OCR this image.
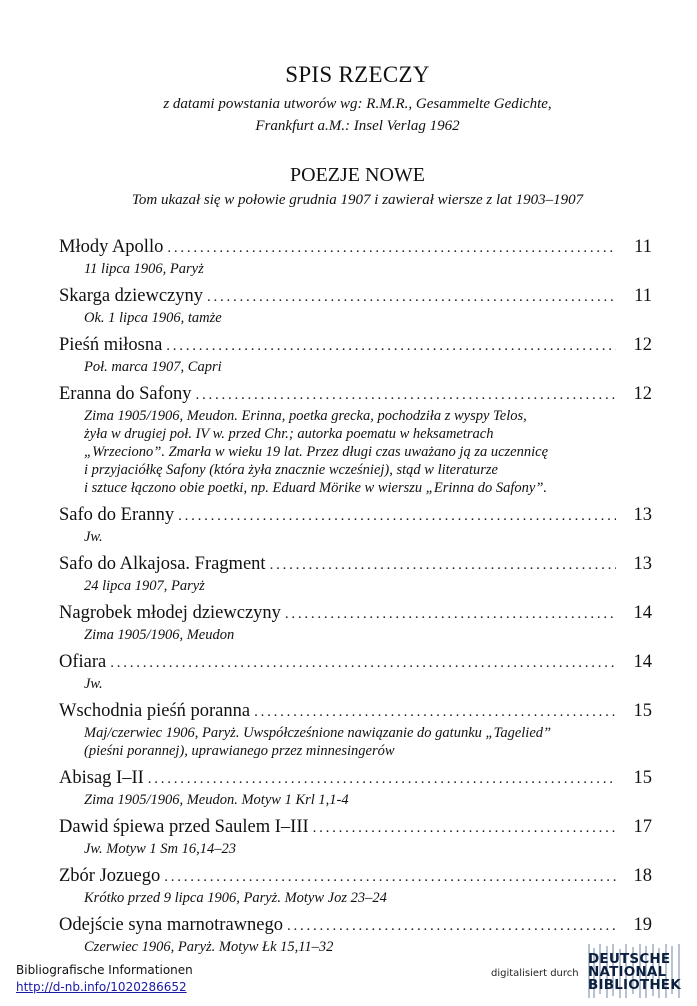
SPIS RZECZY
z datami powstania utworów wg: R.M.R., Gesammelte Gedichte,
Frankfurt a.M.: Insel Verlag 1962
POEZJE NOWE
Tom ukazał się w połowie grudnia 1907 i zawierał wiersze z lat 1903–1907
Młody Apollo . . .	11
11 lipca 1906, Paryż
Skarga dziewczyny . . .	11
Ok. 1 lipca 1906, tamże
Pieśń miłosna . . .	12
Poł. marca 1907, Capri
Eranna do Safony . . .	12
Zima 1905/1906, Meudon. Erinna, poetka grecka, pochodziła z wyspy Telos,
żyła w drugiej poł. IV w. przed Chr.; autorka poematu w heksametrach
„Wrzeciono”. Zmarła w wieku 19 lat. Przez długi czas uważano ją za uczennicę
i przyjaciółkę Safony (która żyła znacznie wcześniej), stąd w literaturze
i sztuce łączono obie poetki, np. Eduard Mörike w wierszu „Erinna do Safony”.
Safo do Eranny . . .	13
Jw.
Safo do Alkajosa. Fragment . . .	13
24 lipca 1907, Paryż
Nagrobek młodej dziewczyny . . .	14
Zima 1905/1906, Meudon
Ofiara . . .	14
Jw.
Wschodnia pieśń poranna . . .	15
Maj/czerwiec 1906, Paryż. Uwspółcześnione nawiązanie do gatunku „Tagelied”
(pieśni porannej), uprawianego przez minnesingerów
Abisag I–II . . .	15
Zima 1905/1906, Meudon. Motyw 1 Krl 1,1-4
Dawid śpiewa przed Saulem I–III . . .	17
Jw. Motyw 1 Sm 16,14–23
Zbór Jozuego . . .	18
Krótko przed 9 lipca 1906, Paryż. Motyw Joz 23–24
Odejście syna marnotrawnego . . .	19
Czerwiec 1906, Paryż. Motyw Łk 15,11–32
Bibliografische Informationen
http://d-nb.info/1020286652
digitalisiert durch
DEUTSCHE
NATIONAL
BIBLIOTHEK
